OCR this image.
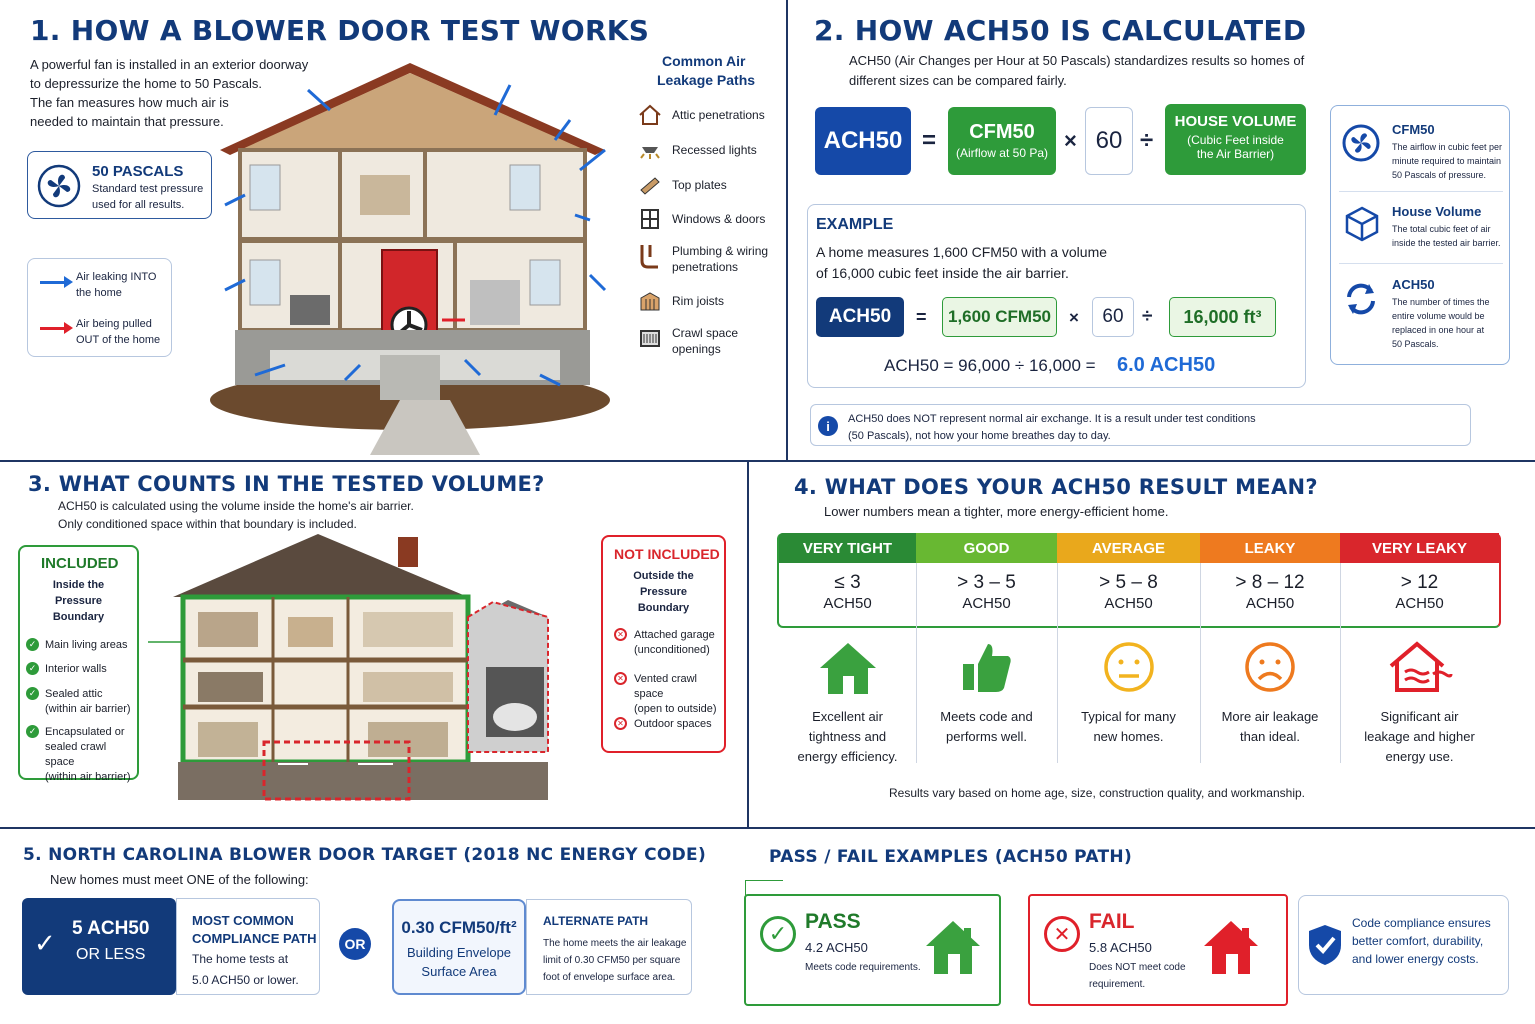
1. HOW A BLOWER DOOR TEST WORKS
A powerful fan is installed in an exterior doorway
to depressurize the home to 50 Pascals.
The fan measures how much air is
needed to maintain that pressure.
50 PASCALS
Standard test pressure
used for all results.
Air leaking INTO
the home
Air being pulled
OUT of the home
Common Air
Leakage Paths
Attic penetrations
Recessed lights
Top plates
Windows & doors
Plumbing & wiring
penetrations
Rim joists
Crawl space
openings
2. HOW ACH50 IS CALCULATED
ACH50 (Air Changes per Hour at 50 Pascals) standardizes results so homes of
different sizes can be compared fairly.
ACH50 =	CFM50
(Airflow at 50 Pa) × 60 ÷
HOUSE VOLUME
(Cubic Feet inside
the Air Barrier)
EXAMPLE
A home measures 1,600 CFM50 with a volume
of 16,000 cubic feet inside the air barrier.
ACH50 = 1,600 CFM50 × 60 ÷ 16,000 ft³
ACH50 = 96,000 ÷ 16,000 = 6.0 ACH50
i	ACH50 does NOT represent normal air exchange. It is a result under test conditions
(50 Pascals), not how your home breathes day to day.
CFM50
The airflow in cubic feet per
minute required to maintain
50 Pascals of pressure.
House Volume
The total cubic feet of air
inside the tested air barrier.
ACH50
The number of times the
entire volume would be
replaced in one hour at
50 Pascals.
3. WHAT COUNTS IN THE TESTED VOLUME?
ACH50 is calculated using the volume inside the home's air barrier.
Only conditioned space within that boundary is included.
INCLUDED
Inside the
Pressure
Boundary
✓ Main living areas
✓ Interior walls
✓ Sealed attic
(within air barrier)
✓ Encapsulated or
sealed crawl space
(within air barrier)
NOT INCLUDED
Outside the
Pressure
Boundary
✕ Attached garage
(unconditioned)
✕ Vented crawl space
(open to outside)
✕ Outdoor spaces
4. WHAT DOES YOUR ACH50 RESULT MEAN?
Lower numbers mean a tighter, more energy-efficient home.
VERY TIGHT
≤ 3
ACH50
Excellent air
tightness and
energy efficiency.
GOOD
> 3 – 5
ACH50
Meets code and
performs well.
AVERAGE
> 5 – 8
ACH50
Typical for many
new homes.
LEAKY
> 8 – 12
ACH50
More air leakage
than ideal.
VERY LEAKY
> 12
ACH50
Significant air
leakage and higher
energy use.
Results vary based on home age, size, construction quality, and workmanship.
5. NORTH CAROLINA BLOWER DOOR TARGET (2018 NC ENERGY CODE)
New homes must meet ONE of the following:
✓ 5 ACH50
OR LESS
MOST COMMON
COMPLIANCE PATH
The home tests at
5.0 ACH50 or lower.
OR
0.30 CFM50/ft²
Building Envelope
Surface Area
ALTERNATE PATH
The home meets the air leakage
limit of 0.30 CFM50 per square
foot of envelope surface area.
PASS / FAIL EXAMPLES (ACH50 PATH)
✓ PASS
4.2 ACH50
Meets code requirements.
✕
FAIL
5.8 ACH50
Does NOT meet code
requirement.
Code compliance ensures
better comfort, durability,
and lower energy costs.
